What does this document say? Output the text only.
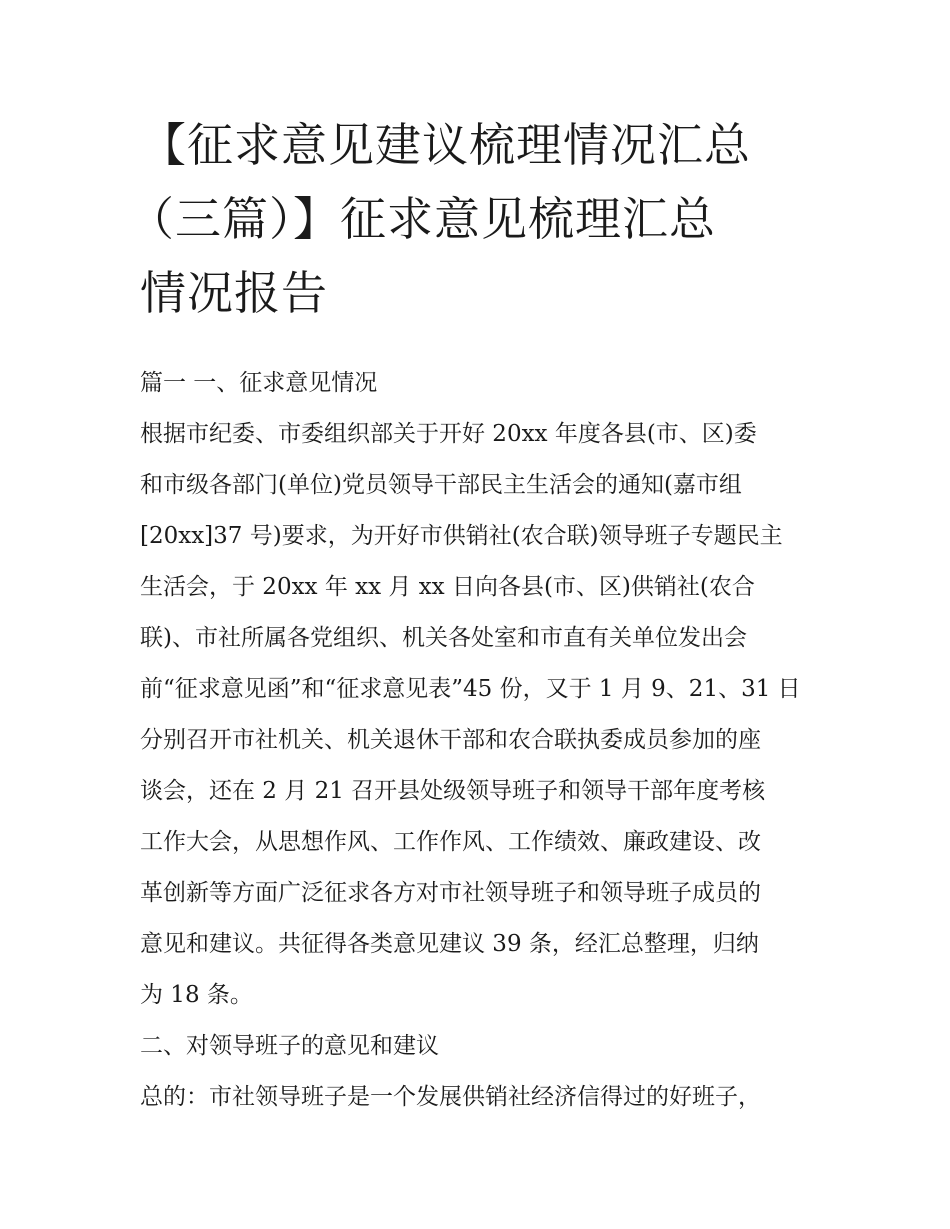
【征求意见建议梳理情况汇总
（三篇）】征求意见梳理汇总
情况报告
篇一 一、征求意见情况

根据市纪委、市委组织部关于开好 20xx 年度各县(市、区)委
和市级各部门(单位)党员领导干部民主生活会的通知(嘉市组
[20xx]37 号)要求，为开好市供销社(农合联)领导班子专题民主
生活会，于 20xx 年 xx 月 xx 日向各县(市、区)供销社(农合
联)、市社所属各党组织、机关各处室和市直有关单位发出会
前“征求意见函”和“征求意见表”45 份，又于 1 月 9、21、31 日
分别召开市社机关、机关退休干部和农合联执委成员参加的座
谈会，还在 2 月 21 召开县处级领导班子和领导干部年度考核
工作大会，从思想作风、工作作风、工作绩效、廉政建设、改
革创新等方面广泛征求各方对市社领导班子和领导班子成员的
意见和建议。共征得各类意见建议 39 条，经汇总整理，归纳
为 18 条。

二、对领导班子的意见和建议

总的：市社领导班子是一个发展供销社经济信得过的好班子，
